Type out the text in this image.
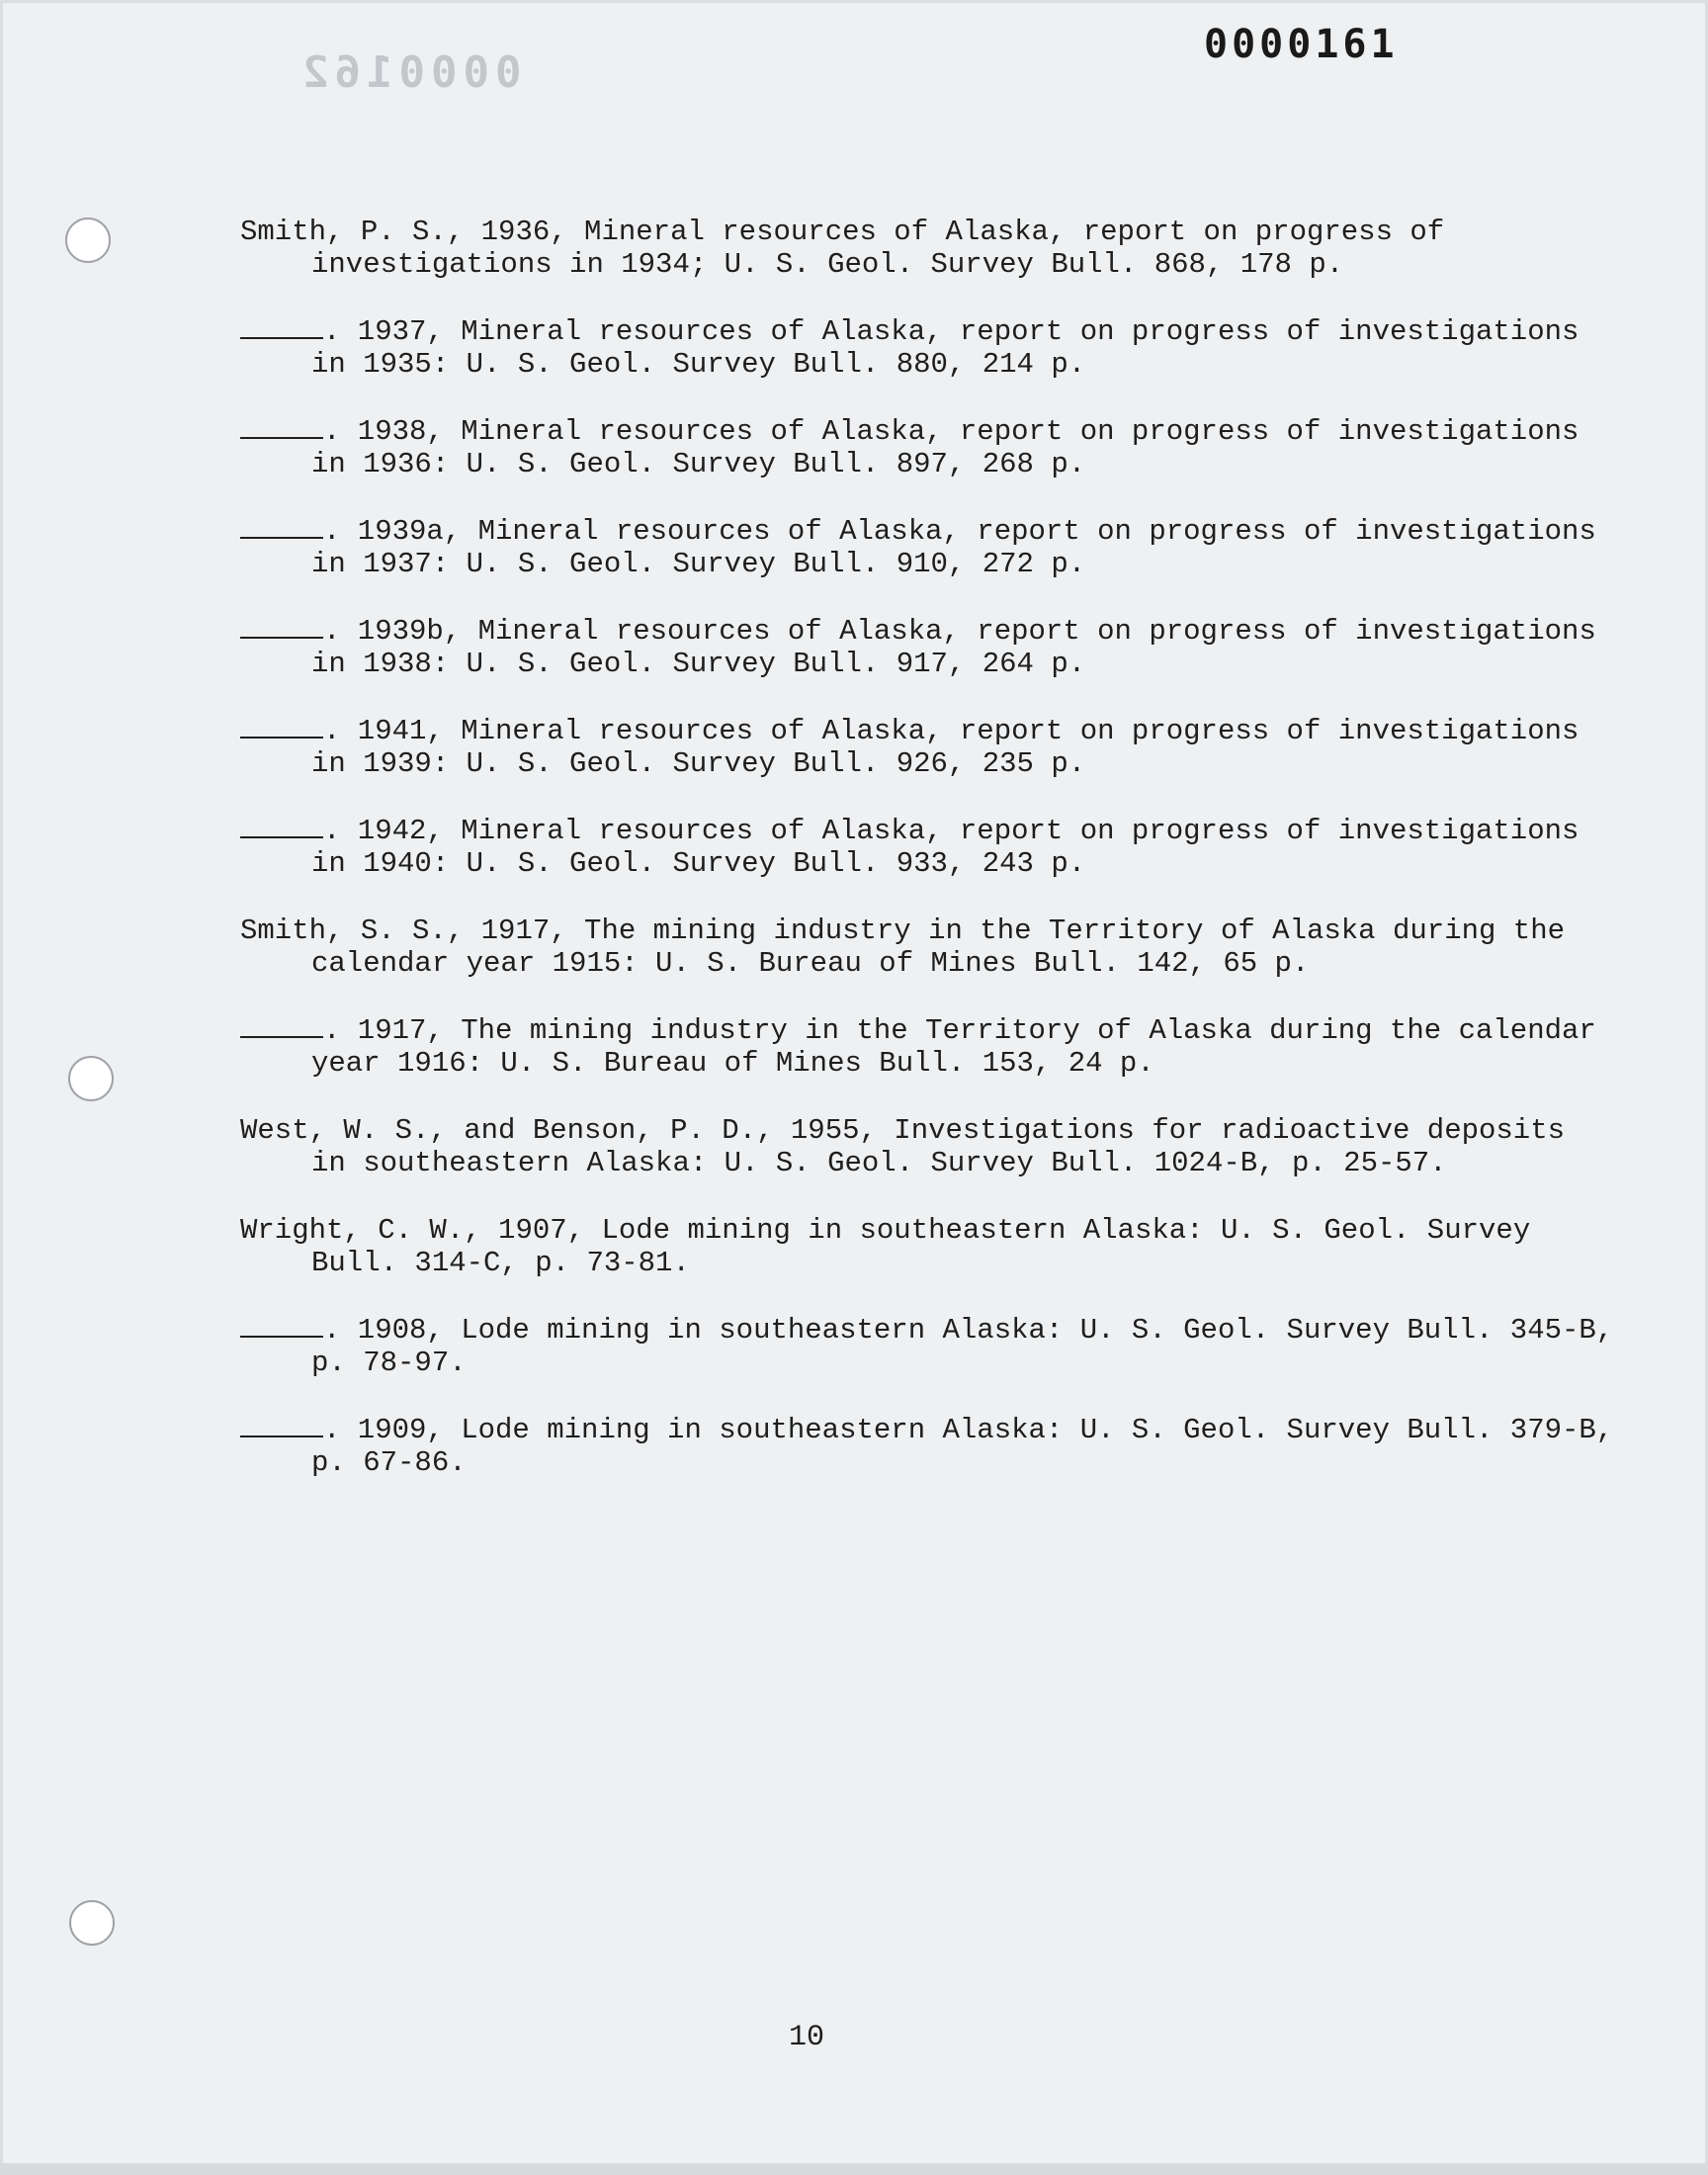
0000162
0000161
Smith, P. S., 1936, Mineral resources of Alaska, report on progress of investigations in 1934; U. S. Geol. Survey Bull. 868, 178 p.
. 1937, Mineral resources of Alaska, report on progress of investigations in 1935: U. S. Geol. Survey Bull. 880, 214 p.
. 1938, Mineral resources of Alaska, report on progress of investigations in 1936: U. S. Geol. Survey Bull. 897, 268 p.
. 1939a, Mineral resources of Alaska, report on progress of investigations in 1937: U. S. Geol. Survey Bull. 910, 272 p.
. 1939b, Mineral resources of Alaska, report on progress of investigations in 1938: U. S. Geol. Survey Bull. 917, 264 p.
. 1941, Mineral resources of Alaska, report on progress of investigations in 1939: U. S. Geol. Survey Bull. 926, 235 p.
. 1942, Mineral resources of Alaska, report on progress of investigations in 1940: U. S. Geol. Survey Bull. 933, 243 p.
Smith, S. S., 1917, The mining industry in the Territory of Alaska during the calendar year 1915: U. S. Bureau of Mines Bull. 142, 65 p.
. 1917, The mining industry in the Territory of Alaska during the calendar year 1916: U. S. Bureau of Mines Bull. 153, 24 p.
West, W. S., and Benson, P. D., 1955, Investigations for radioactive deposits in southeastern Alaska: U. S. Geol. Survey Bull. 1024-B, p. 25-57.
Wright, C. W., 1907, Lode mining in southeastern Alaska: U. S. Geol. Survey Bull. 314-C, p. 73-81.
. 1908, Lode mining in southeastern Alaska: U. S. Geol. Survey Bull. 345-B, p. 78-97.
. 1909, Lode mining in southeastern Alaska: U. S. Geol. Survey Bull. 379-B, p. 67-86.
10
